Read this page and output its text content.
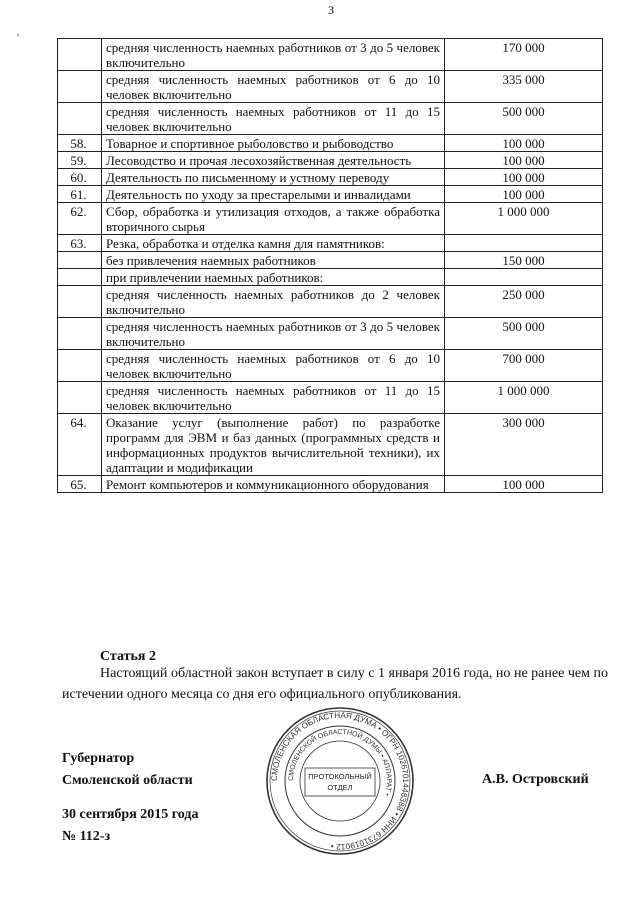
3
’
	средняя численность наемных работников от 3 до 5 человек включительно	170 000
	средняя численность наемных работников от 6 до 10 человек включительно	335 000
	средняя численность наемных работников от 11 до 15 человек включительно	500 000
58.	Товарное и спортивное рыболовство и рыбоводство	100 000
59.	Лесоводство и прочая лесохозяйственная деятельность	100 000
60.	Деятельность по письменному и устному переводу	100 000
61.	Деятельность по уходу за престарелыми и инвалидами	100 000
62.	Сбор, обработка и утилизация отходов, а также обработка вторичного сырья	1 000 000
63.	Резка, обработка и отделка камня для памятников:	
	без привлечения наемных работников	150 000
	при привлечении наемных работников:	
	средняя численность наемных работников до 2 человек включительно	250 000
	средняя численность наемных работников от 3 до 5 человек включительно	500 000
	средняя численность наемных работников от 6 до 10 человек включительно	700 000
	средняя численность наемных работников от 11 до 15 человек включительно	1 000 000
64.	Оказание услуг (выполнение работ) по разработке программ для ЭВМ и баз данных (программных средств и информационных продуктов вычислительной техники), их адаптации и модификации	300 000
65.	Ремонт компьютеров и коммуникационного оборудования	100 000
Статья 2
Настоящий областной закон вступает в силу с 1 января 2016 года, но не ранее чем по истечении одного месяца со дня его официального опубликования.
Губернатор
Смоленской области
30 сентября 2015 года
№ 112-з
А.В. Островский
СМОЛЕНСКАЯ ОБЛАСТНАЯ ДУМА • ОГРН 1026701448388 • ИНН 6731019012 •
СМОЛЕНСКОЙ ОБЛАСТНОЙ ДУМЫ • АППАРАТ •
ПРОТОКОЛЬНЫЙ
ОТДЕЛ
